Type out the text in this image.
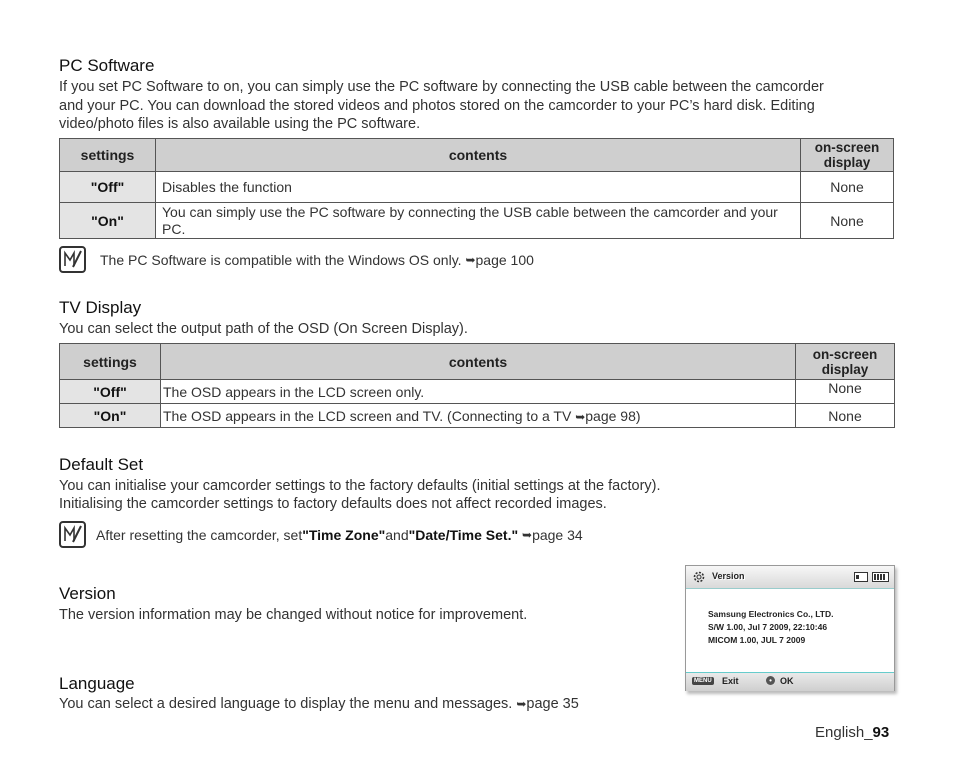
PC Software

If you set PC Software to on, you can simply use the PC software by connecting the USB cable between the camcorder and your PC. You can download the stored videos and photos stored on the camcorder to your PC’s hard disk. Editing video/photo files is also available using the PC software.

settings	contents	on-screen display
"Off"	Disables the function	None
"On"	You can simply use the PC software by connecting the USB cable between the camcorder and your PC.	None
The PC Software is compatible with the Windows OS only.
➥ page 100
TV Display

You can select the output path of the OSD (On Screen Display).

settings	contents	on-screen display
"Off"	The OSD appears in the LCD screen only.	None
"On"	The OSD appears in the LCD screen and TV. (Connecting to a TV ➥page 98)	None
Default Set

You can initialise your camcorder settings to the factory defaults (initial settings at the factory).

Initialising the camcorder settings to factory defaults does not affect recorded images.

After resetting the camcorder, set "Time Zone" and "Date/Time Set."
➥ page 34
Version

The version information may be changed without notice for improvement.

Language

You can select a desired language to display the menu and messages. ➥page 35

Version
Samsung Electronics Co., LTD.
S/W 1.00, Jul 7 2009, 22:10:46
MICOM 1.00, JUL 7 2009
MENU Exit	• OK
English_93
